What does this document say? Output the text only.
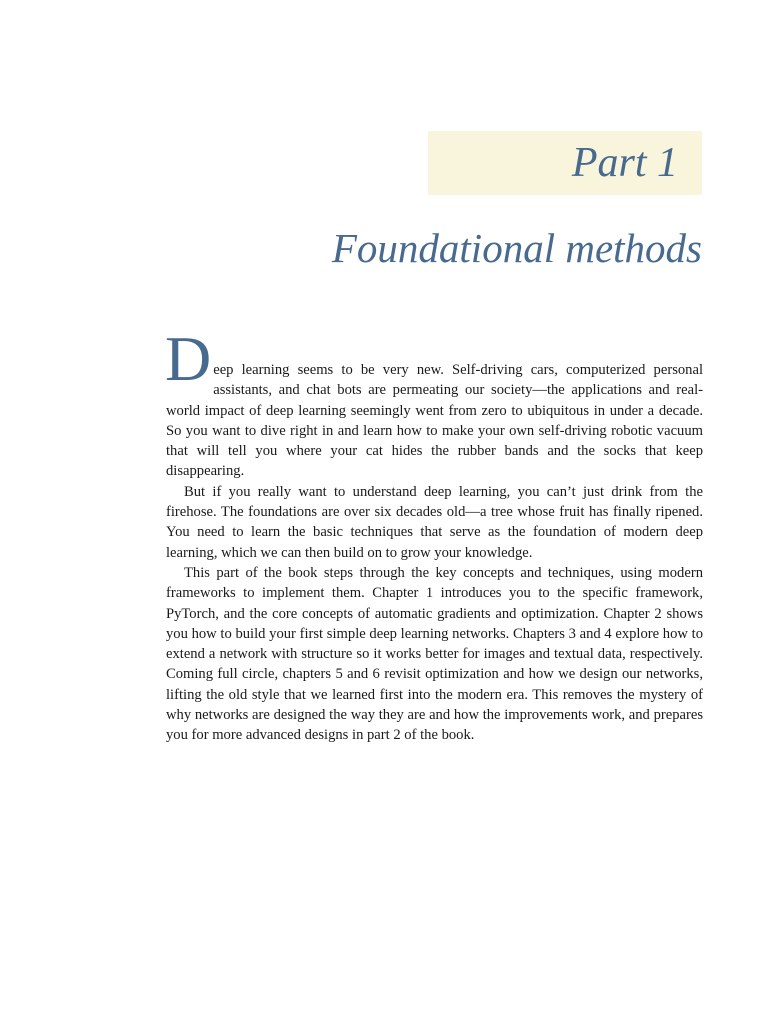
Part 1
Foundational methods

Deep learning seems to be very new. Self-driving cars, computerized personal assistants, and chat bots are permeating our society—the applications and real-world impact of deep learning seemingly went from zero to ubiquitous in under a decade. So you want to dive right in and learn how to make your own self-driving robotic vacuum that will tell you where your cat hides the rubber bands and the socks that keep disappearing.

But if you really want to understand deep learning, you can’t just drink from the firehose. The foundations are over six decades old—a tree whose fruit has finally ripened. You need to learn the basic techniques that serve as the foundation of modern deep learning, which we can then build on to grow your knowledge.

This part of the book steps through the key concepts and techniques, using modern frameworks to implement them. Chapter 1 introduces you to the specific framework, PyTorch, and the core concepts of automatic gradients and optimization. Chapter 2 shows you how to build your first simple deep learning networks. Chapters 3 and 4 explore how to extend a network with structure so it works better for images and textual data, respectively. Coming full circle, chapters 5 and 6 revisit optimization and how we design our networks, lifting the old style that we learned first into the modern era. This removes the mystery of why networks are designed the way they are and how the improvements work, and prepares you for more advanced designs in part 2 of the book.
